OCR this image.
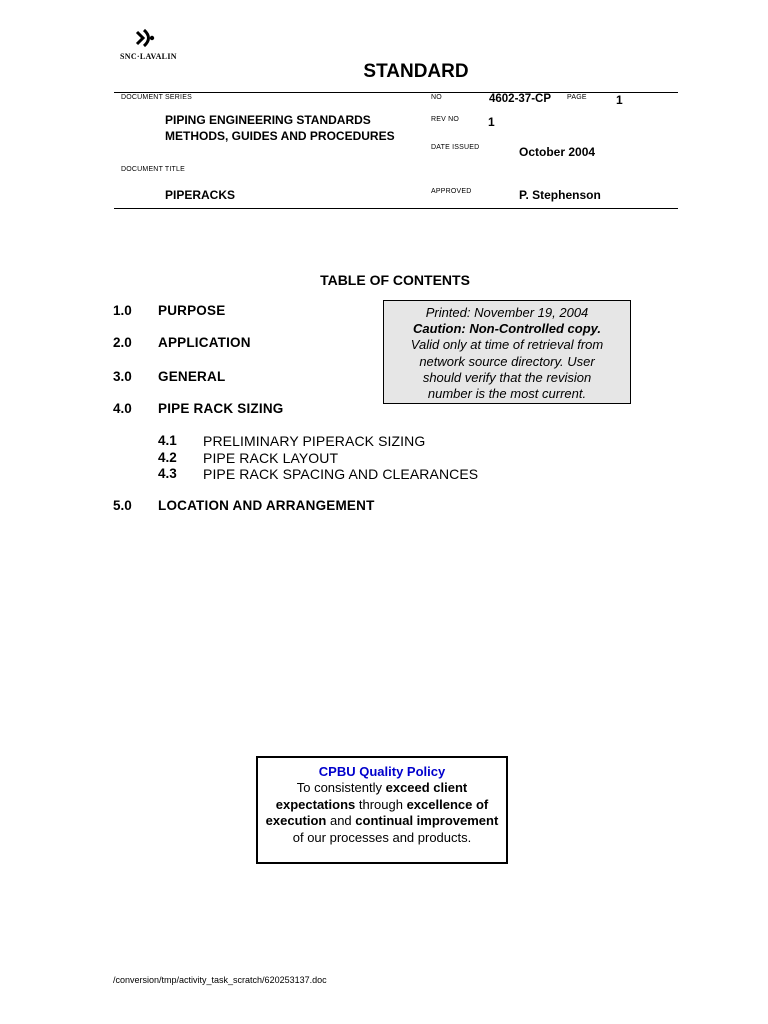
SNC·LAVALIN
STANDARD
DOCUMENT SERIES
PIPING ENGINEERING STANDARDS
METHODS, GUIDES AND PROCEDURES
DOCUMENT TITLE
PIPERACKS
NO	4602-37-CP PAGE 1
REV NO 1
DATE ISSUED	October 2004
APPROVED	P. Stephenson
TABLE OF CONTENTS
1.0 PURPOSE
2.0 APPLICATION
3.0 GENERAL
4.0 PIPE RACK SIZING
4.1 PRELIMINARY PIPERACK SIZING
4.2 PIPE RACK LAYOUT
4.3 PIPE RACK SPACING AND CLEARANCES
5.0 LOCATION AND ARRANGEMENT
Printed: November 19, 2004
Caution: Non-Controlled copy.
Valid only at time of retrieval from
network source directory. User
should verify that the revision
number is the most current.
CPBU Quality Policy
To consistently exceed client expectations through excellence of execution and continual improvement of our processes and products.
/conversion/tmp/activity_task_scratch/620253137.doc
